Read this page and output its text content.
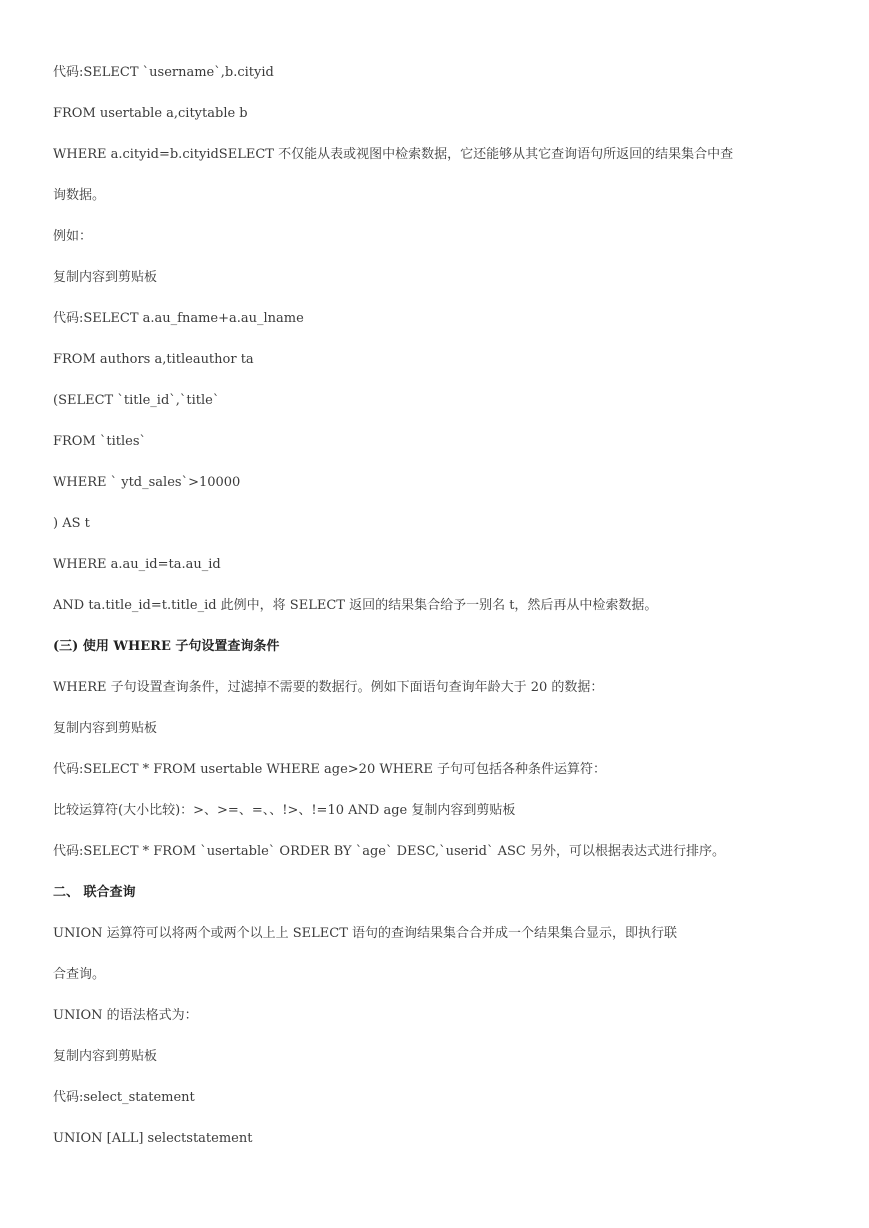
代码:SELECT `username`,b.cityid
FROM usertable a,citytable b
WHERE a.cityid=b.cityidSELECT 不仅能从表或视图中检索数据，它还能够从其它查询语句所返回的结果集合中查
询数据。
例如：
复制内容到剪贴板
代码:SELECT a.au_fname+a.au_lname
FROM authors a,titleauthor ta
(SELECT `title_id`,`title`
FROM `titles`
WHERE ` ytd_sales`>10000
) AS t
WHERE a.au_id=ta.au_id
AND ta.title_id=t.title_id 此例中，将 SELECT 返回的结果集合给予一别名 t，然后再从中检索数据。
(三) 使用 WHERE 子句设置查询条件
WHERE 子句设置查询条件，过滤掉不需要的数据行。例如下面语句查询年龄大于 20 的数据：
复制内容到剪贴板
代码:SELECT * FROM usertable WHERE age>20 WHERE 子句可包括各种条件运算符：
比较运算符(大小比较)：>、>=、=、、!>、!=10 AND age 复制内容到剪贴板
代码:SELECT * FROM `usertable` ORDER BY `age` DESC,`userid` ASC 另外，可以根据表达式进行排序。
二、 联合查询
UNION 运算符可以将两个或两个以上上 SELECT 语句的查询结果集合合并成一个结果集合显示，即执行联
合查询。
UNION 的语法格式为：
复制内容到剪贴板
代码:select_statement
UNION [ALL] selectstatement
